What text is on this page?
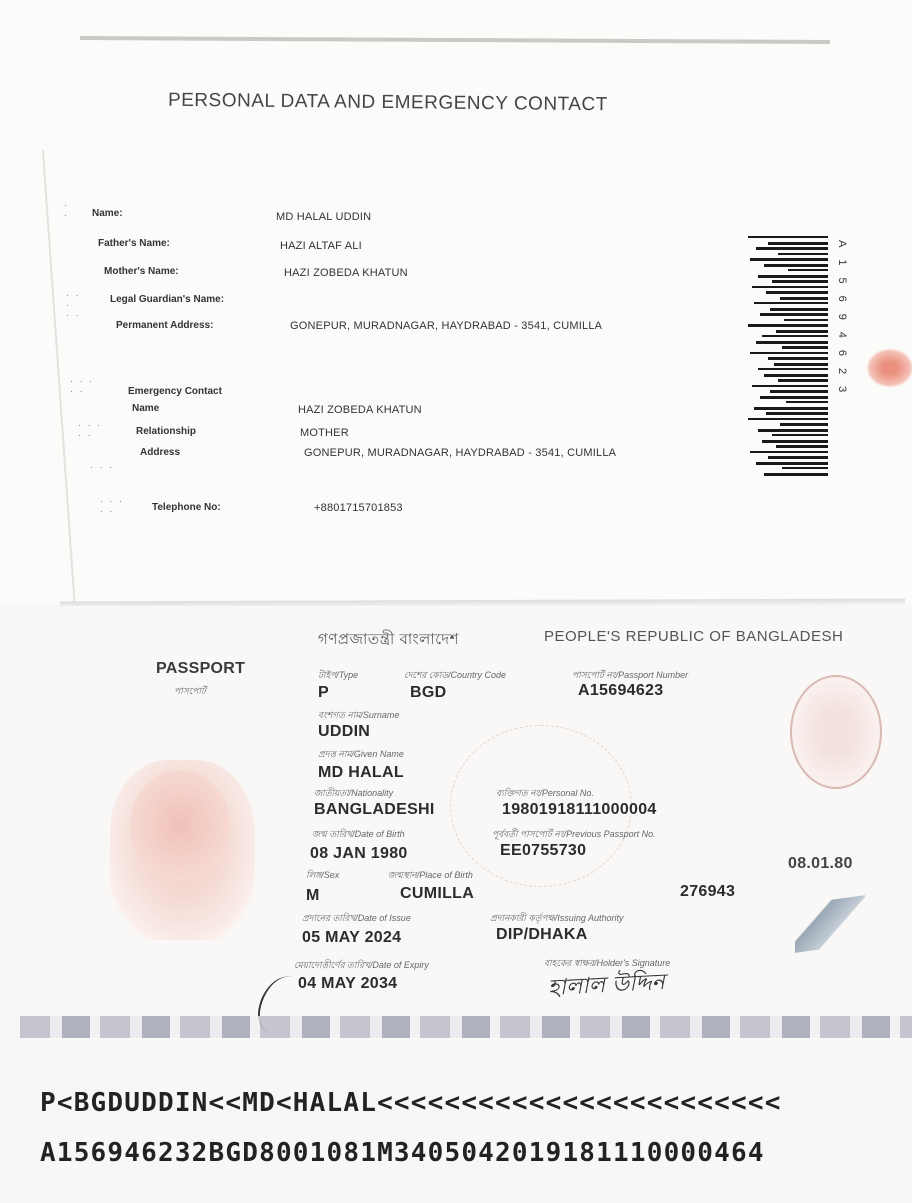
PERSONAL DATA AND EMERGENCY CONTACT
·
· Name:	MD HALAL UDDIN
Father's Name:	HAZI ALTAF ALI
Mother's Name:	HAZI ZOBEDA KHATUN
Legal Guardian's Name:
Permanent Address:	GONEPUR, MURADNAGAR, HAYDRABAD - 3541, CUMILLA
· ·
·
· ·
· · ·
· ·
· · ·
· ·
· · ·
· · ·
· ·
Emergency Contact
Name	HAZI ZOBEDA KHATUN
Relationship	MOTHER
Address	GONEPUR, MURADNAGAR, HAYDRABAD - 3541, CUMILLA
Telephone No:	+8801715701853
A15694623
গণপ্রজাতন্ত্রী বাংলাদেশ	PEOPLE'S REPUBLIC OF BANGLADESH
PASSPORT
পাসপোর্ট
টাইপ/Type
P
দেশের কোড/Country Code
BGD
পাসপোর্ট নং/Passport Number
A15694623
বংশগত নাম/Surname
UDDIN
প্রদত্ত নাম/Given Name
MD HALAL
জাতীয়তা/Nationality
BANGLADESHI
ব্যক্তিগত নং/Personal No.
19801918111000004
জন্ম তারিখ/Date of Birth
08 JAN 1980
পূর্ববর্তী পাসপোর্ট নং/Previous Passport No.
EE0755730
08.01.80
লিঙ্গ/Sex
M
জন্মস্থান/Place of Birth
CUMILLA	276943
প্রদানের তারিখ/Date of Issue
05 MAY 2024
প্রদানকারী কর্তৃপক্ষ/Issuing Authority
DIP/DHAKA
মেয়াদোত্তীর্ণের তারিখ/Date of Expiry
04 MAY 2034
বাহকের স্বাক্ষর/Holder's Signature
হালাল উদ্দিন
P<BGDUDDIN<<MD<HALAL<<<<<<<<<<<<<<<<<<<<<<<<
A156946232BGD8001081M3405042019181110000464
